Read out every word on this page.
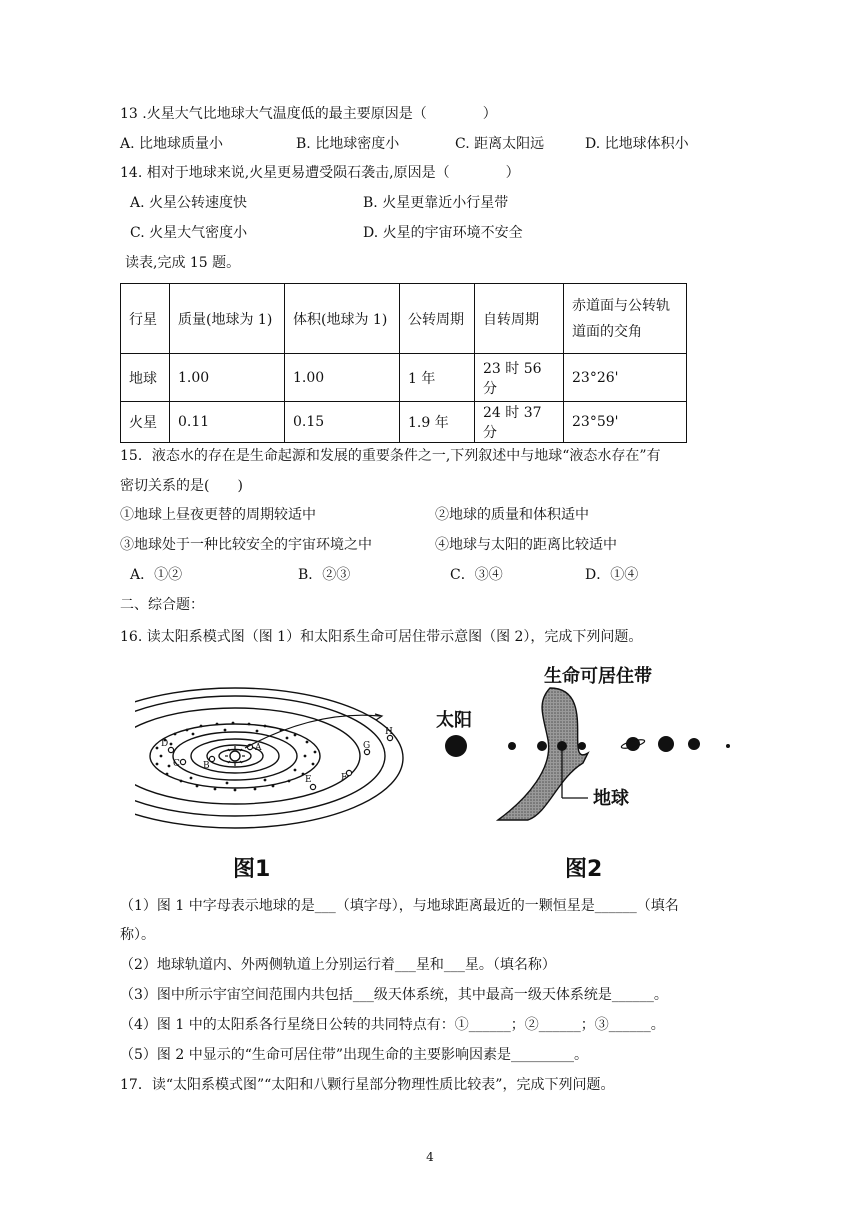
13 .火星大气比地球大气温度低的最主要原因是（　　　　）
A. 比地球质量小	B. 比地球密度小	C. 距离太阳远	D. 比地球体积小
14. 相对于地球来说,火星更易遭受陨石袭击,原因是（　　　　）
A. 火星公转速度快	B. 火星更靠近小行星带
C. 火星大气密度小	D. 火星的宇宙环境不安全
读表,完成 15 题。
行星	质量(地球为 1)	体积(地球为 1)	公转周期	自转周期	赤道面与公转轨
道面的交角

地球	1.00	1.00	1 年	23 时 56 分	23°26'
火星	0.11	0.15	1.9 年	24 时 37 分	23°59'
15．液态水的存在是生命起源和发展的重要条件之一,下列叙述中与地球“液态水存在”有
密切关系的是(　　)
①地球上昼夜更替的周期较适中	②地球的质量和体积适中
③地球处于一种比较安全的宇宙环境之中	④地球与太阳的距离比较适中
A．①②	B．②③	C．③④	D．①④
二、综合题：
16. 读太阳系模式图（图 1）和太阳系生命可居住带示意图（图 2），完成下列问题。
D
C	B
A
E	F
G
H
图1
生命可居住带
太阳
地球
图2
（1）图 1 中字母表示地球的是___（填字母），与地球距离最近的一颗恒星是______（填名
称）。
（2）地球轨道内、外两侧轨道上分别运行着___星和___星。（填名称）
（3）图中所示宇宙空间范围内共包括___级天体系统，其中最高一级天体系统是______。
（4）图 1 中的太阳系各行星绕日公转的共同特点有：①______；②______；③______。
（5）图 2 中显示的“生命可居住带”出现生命的主要影响因素是_________。
17．读“太阳系模式图”“太阳和八颗行星部分物理性质比较表”，完成下列问题。
4
